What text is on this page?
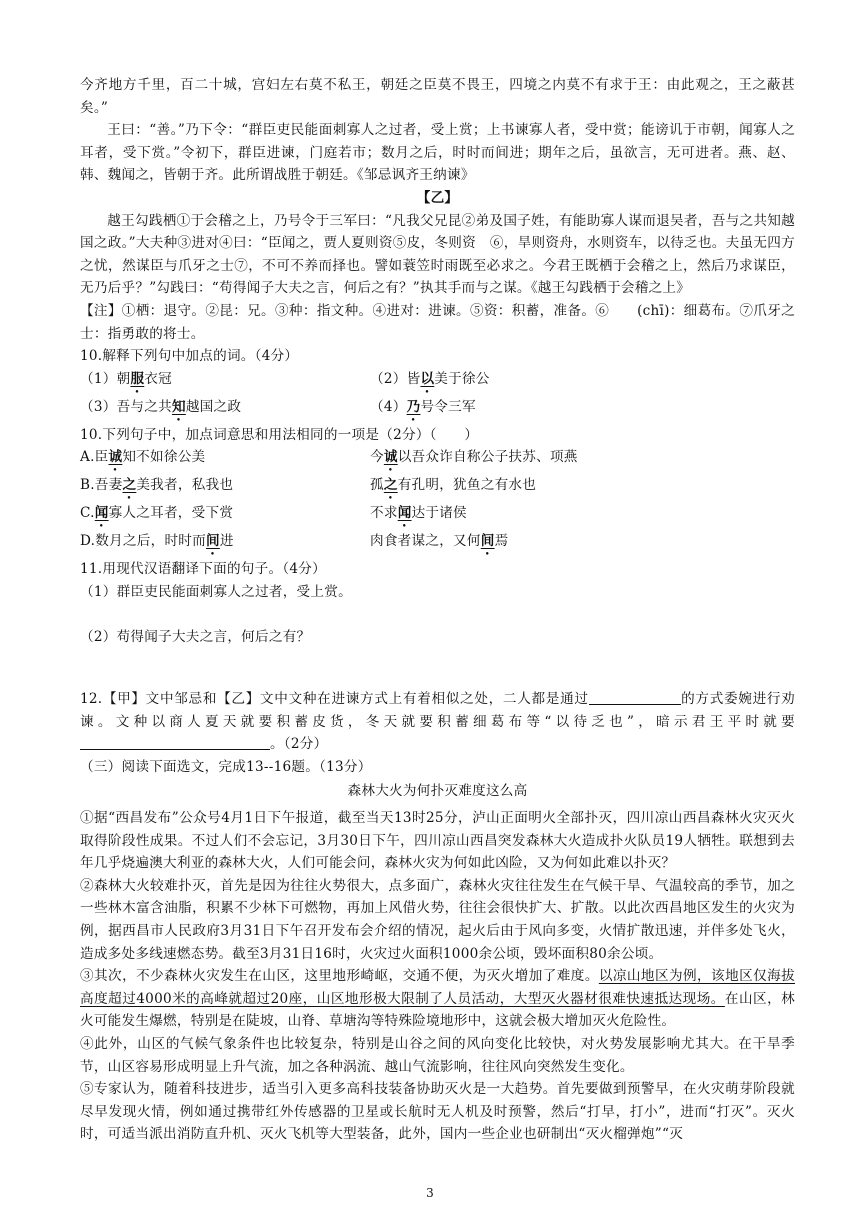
今齐地方千里，百二十城，宫妇左右莫不私王，朝廷之臣莫不畏王，四境之内莫不有求于王：由此观之，王之蔽甚矣。”

王曰：“善。”乃下令：“群臣吏民能面刺寡人之过者，受上赏；上书谏寡人者，受中赏；能谤讥于市朝，闻寡人之耳者，受下赏。”令初下，群臣进谏，门庭若市；数月之后，时时而间进；期年之后，虽欲言，无可进者。燕、赵、韩、魏闻之，皆朝于齐。此所谓战胜于朝廷。《邹忌讽齐王纳谏》

【乙】

越王勾践栖①于会稽之上，乃号令于三军曰：“凡我父兄昆②弟及国子姓，有能助寡人谋而退吴者，吾与之共知越国之政。”大夫种③进对④曰：“臣闻之，贾人夏则资⑤皮，冬则资　⑥，旱则资舟，水则资车，以待乏也。夫虽无四方之忧，然谋臣与爪牙之士⑦，不可不养而择也。譬如蓑笠时雨既至必求之。今君王既栖于会稽之上，然后乃求谋臣，无乃后乎？”勾践曰：“苟得闻子大夫之言，何后之有？”执其手而与之谋。《越王勾践栖于会稽之上》

【注】①栖：退守。②昆：兄。③种：指文种。④进对：进谏。⑤资：积蓄，准备。⑥　　(chī)：细葛布。⑦爪牙之士：指勇敢的将士。

10.解释下列句中加点的词。（4分）

（1）朝服衣冠	（2）皆以美于徐公
（3）吾与之共知越国之政	（4）乃号令三军

10.下列句子中，加点词意思和用法相同的一项是（2分）（　　）

A.臣诚知不如徐公美	今诚以吾众诈自称公子扶苏、项燕
B.吾妻之美我者，私我也	孤之有孔明，犹鱼之有水也
C.闻寡人之耳者，受下赏	不求闻达于诸侯
D.数月之后，时时而间进	肉食者谋之，又何间焉

11.用现代汉语翻译下面的句子。（4分）

（1）群臣吏民能面刺寡人之过者，受上赏。

（2）苟得闻子大夫之言，何后之有？

12.【甲】文中邹忌和【乙】文中文种在进谏方式上有着相似之处，二人都是通过	的方式委婉进行劝谏。文种以商人夏天就要积蓄皮货，冬天就要积蓄细葛布等“以待乏也”，暗示君王平时就要。（2分）

（三）阅读下面选文，完成13--16题。（13分）

森林大火为何扑灭难度这么高

①据“西昌发布”公众号4月1日下午报道，截至当天13时25分，泸山正面明火全部扑灭，四川凉山西昌森林火灾灭火取得阶段性成果。不过人们不会忘记，3月30日下午，四川凉山西昌突发森林大火造成扑火队员19人牺牲。联想到去年几乎烧遍澳大利亚的森林大火，人们可能会问，森林火灾为何如此凶险，又为何如此难以扑灭？

②森林大火较难扑灭，首先是因为往往火势很大，点多面广，森林火灾往往发生在气候干旱、气温较高的季节，加之一些林木富含油脂，积累不少林下可燃物，再加上风借火势，往往会很快扩大、扩散。以此次西昌地区发生的火灾为例，据西昌市人民政府3月31日下午召开发布会介绍的情况，起火后由于风向多变，火情扩散迅速，并伴多处飞火，造成多处多线速燃态势。截至3月31日16时，火灾过火面积1000余公顷，毁坏面积80余公顷。

③其次，不少森林火灾发生在山区，这里地形崎岖，交通不便，为灭火增加了难度。以凉山地区为例，该地区仅海拔高度超过4000米的高峰就超过20座，山区地形极大限制了人员活动，大型灭火器材很难快速抵达现场。在山区，林火可能发生爆燃，特别是在陡坡，山脊、草塘沟等特殊险境地形中，这就会极大增加灭火危险性。

④此外，山区的气候气象条件也比较复杂，特别是山谷之间的风向变化比较快，对火势发展影响尤其大。在干旱季节，山区容易形成明显上升气流，加之各种涡流、越山气流影响，往往风向突然发生变化。

⑤专家认为，随着科技进步，适当引入更多高科技装备协助灭火是一大趋势。首先要做到预警早，在火灾萌芽阶段就尽早发现火情，例如通过携带红外传感器的卫星或长航时无人机及时预警，然后“打早，打小”，进而“打灭”。灭火时，可适当派出消防直升机、灭火飞机等大型装备，此外，国内一些企业也研制出“灭火榴弹炮”“灭

3
